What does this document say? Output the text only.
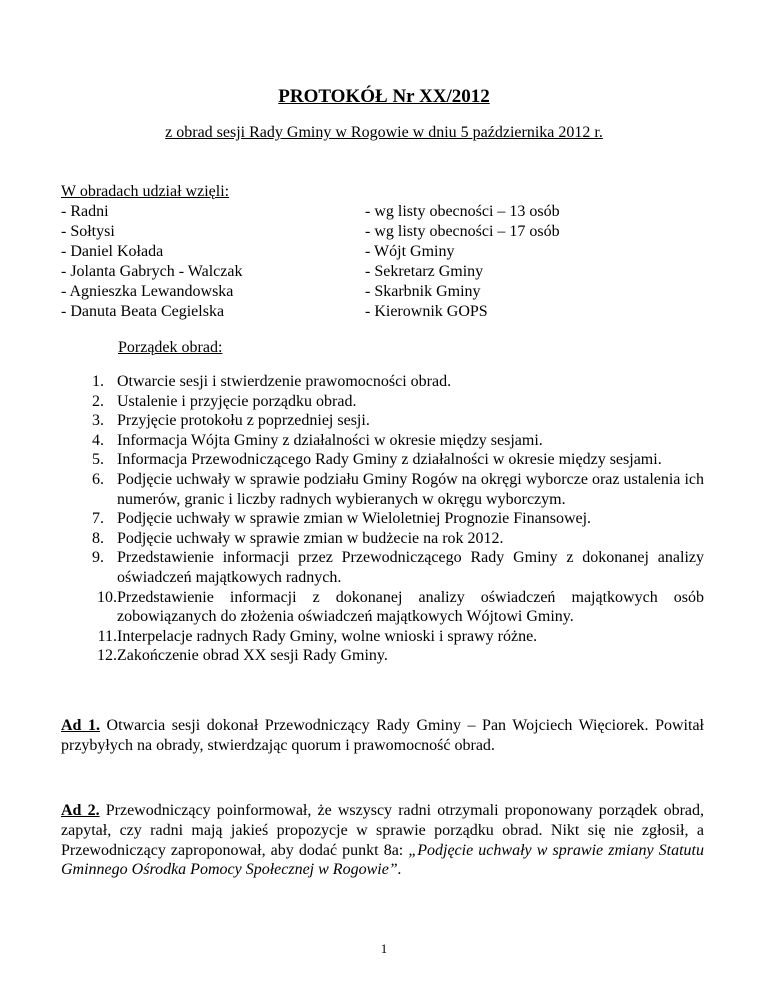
PROTOKÓŁ Nr XX/2012
z obrad sesji Rady Gminy w Rogowie w dniu 5 października 2012 r.
W obradach udział wzięli:
- Radni	- wg listy obecności – 13 osób
- Sołtysi	- wg listy obecności – 17 osób
- Daniel Kołada	- Wójt Gminy
- Jolanta Gabrych - Walczak	- Sekretarz Gminy
- Agnieszka Lewandowska	- Skarbnik Gminy
- Danuta Beata Cegielska	- Kierownik GOPS
Porządek obrad:
1. Otwarcie sesji i stwierdzenie prawomocności obrad.
2. Ustalenie i przyjęcie porządku obrad.
3. Przyjęcie protokołu z poprzedniej sesji.
4. Informacja Wójta Gminy z działalności w okresie między sesjami.
5. Informacja Przewodniczącego Rady Gminy z działalności w okresie między sesjami.
6. Podjęcie uchwały w sprawie podziału Gminy Rogów na okręgi wyborcze oraz ustalenia ich numerów, granic i liczby radnych wybieranych w okręgu wyborczym.
7. Podjęcie uchwały w sprawie zmian w Wieloletniej Prognozie Finansowej.
8. Podjęcie uchwały w sprawie zmian w budżecie na rok 2012.
9. Przedstawienie informacji przez Przewodniczącego Rady Gminy z dokonanej analizy oświadczeń majątkowych radnych.
10. Przedstawienie informacji z dokonanej analizy oświadczeń majątkowych osób zobowiązanych do złożenia oświadczeń majątkowych Wójtowi Gminy.
11. Interpelacje radnych Rady Gminy, wolne wnioski i sprawy różne.
12. Zakończenie obrad XX sesji Rady Gminy.
Ad 1. Otwarcia sesji dokonał Przewodniczący Rady Gminy – Pan Wojciech Więciorek. Powitał przybyłych na obrady, stwierdzając quorum i prawomocność obrad.
Ad 2. Przewodniczący poinformował, że wszyscy radni otrzymali proponowany porządek obrad, zapytał, czy radni mają jakieś propozycje w sprawie porządku obrad. Nikt się nie zgłosił, a Przewodniczący zaproponował, aby dodać punkt 8a: „Podjęcie uchwały w sprawie zmiany Statutu Gminnego Ośrodka Pomocy Społecznej w Rogowie”.
1
